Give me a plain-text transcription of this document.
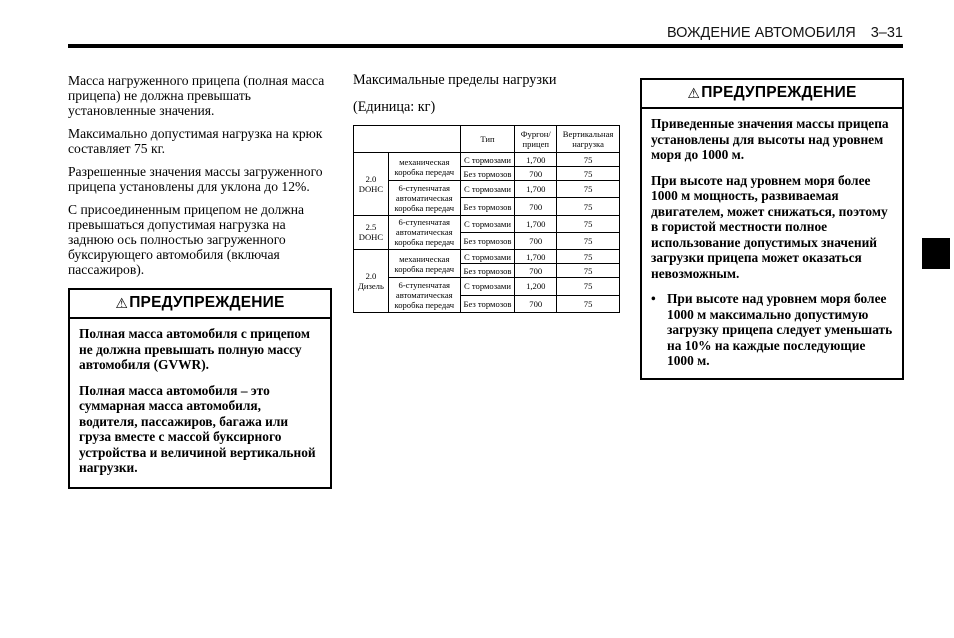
ВОЖДЕНИЕ АВТОМОБИЛЯ 3–31

Масса нагруженного прицепа (полная масса прицепа) не должна превышать установленные значения.

Максимально допустимая нагрузка на крюк составляет 75 кг.

Разрешенные значения массы загруженного прицепа установлены для уклона до 12%.

С присоединенным прицепом не должна превышаться допустимая нагрузка на заднюю ось полностью загруженного буксирующего автомобиля (включая пассажиров).

⚠ ПРЕДУПРЕЖДЕНИЕ

Полная масса автомобиля с прицепом не должна превышать полную массу автомобиля (GVWR).

Полная масса автомобиля – это суммарная масса автомобиля, водителя, пассажиров, багажа или груза вместе с массой буксирного устройства и величиной вертикальной нагрузки.

Максимальные пределы нагрузки

(Единица: кг)

		Тип	Фургон/прицеп	Вертикальная нагрузка
2.0 DOHC	механическая коробка передач	С тормозами	1,700	75
		Без тормозов	700	75
	6-ступенчатая автоматическая коробка передач	С тормозами	1,700	75
		Без тормозов	700	75
2.5 DOHC	6-ступенчатая автоматическая коробка передач	С тормозами	1,700	75
		Без тормозов	700	75
2.0 Дизель	механическая коробка передач	С тормозами	1,700	75
		Без тормозов	700	75
	6-ступенчатая автоматическая коробка передач	С тормозами	1,200	75
		Без тормозов	700	75
⚠ ПРЕДУПРЕЖДЕНИЕ

Приведенные значения массы прицепа установлены для высоты над уровнем моря до 1000 м.

При высоте над уровнем моря более 1000 м мощность, развиваемая двигателем, может снижаться, поэтому в гористой местности полное использование допустимых значений загрузки прицепа может оказаться невозможным.

• При высоте над уровнем моря более 1000 м максимально допустимую загрузку прицепа следует уменьшать на 10% на каждые последующие 1000 м.
